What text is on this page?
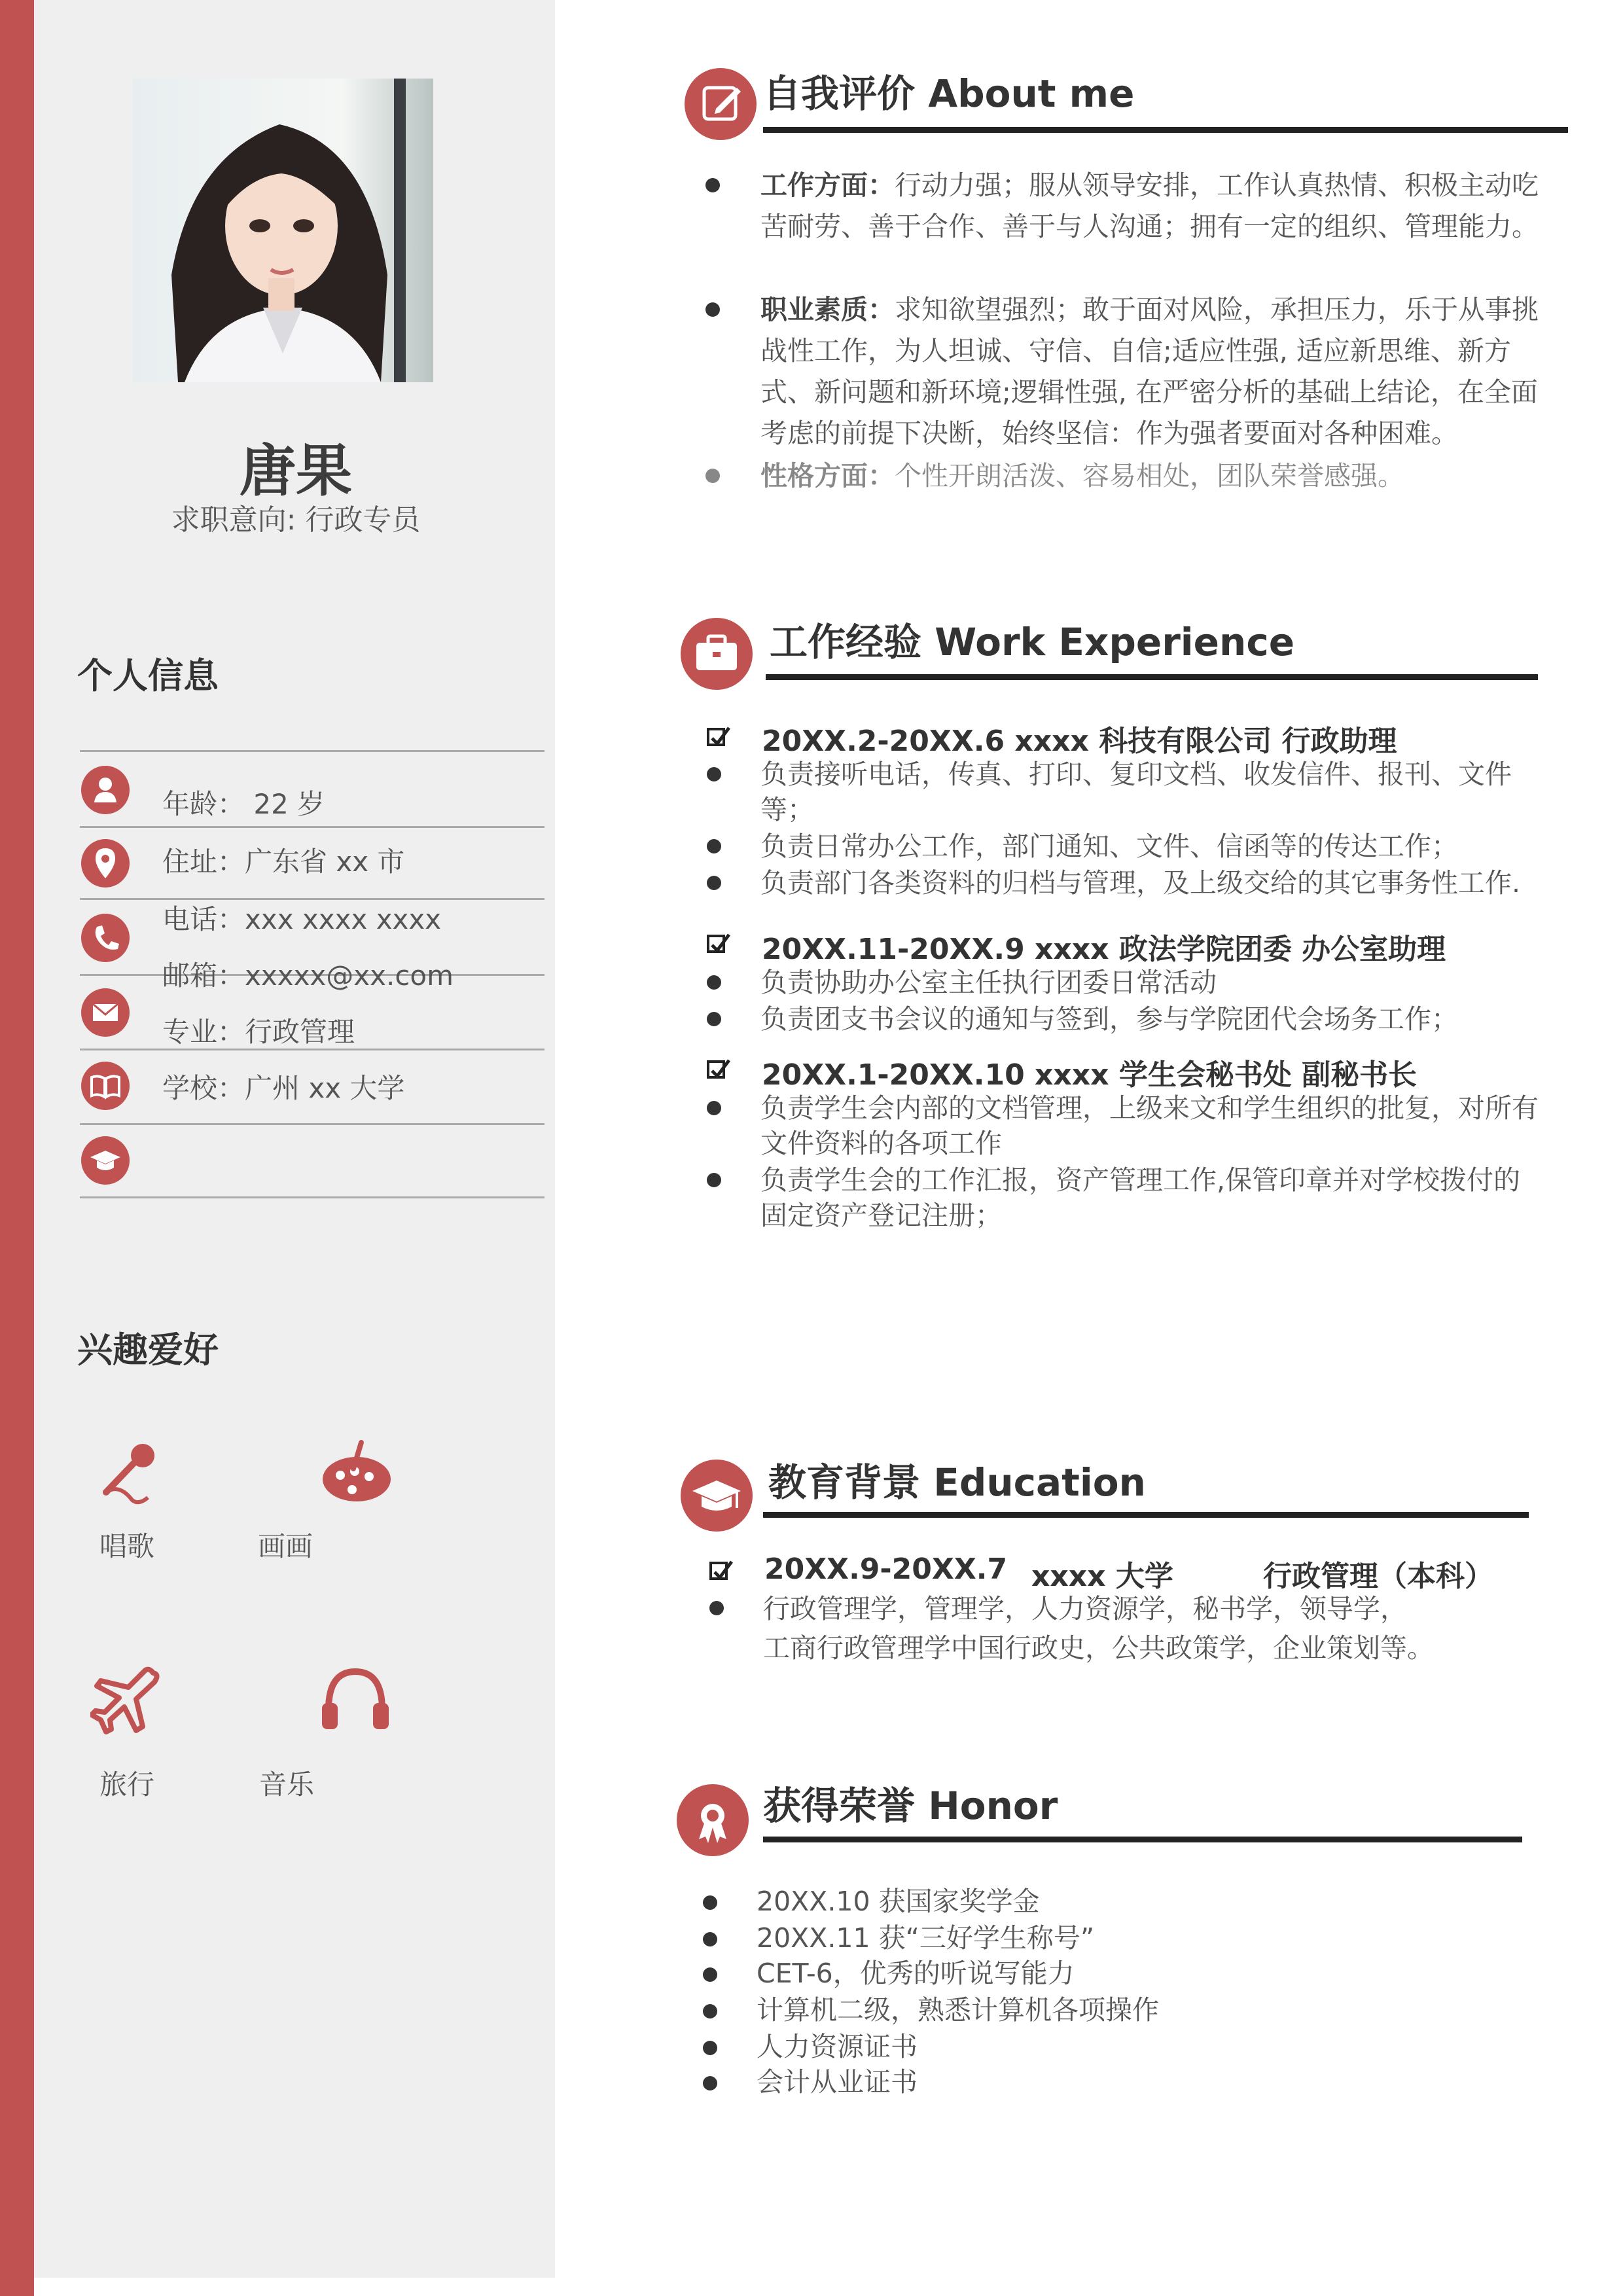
唐果
求职意向: 行政专员
个人信息
年龄： 22 岁
住址：广东省 xx 市
电话：xxx xxxx xxxx
邮箱：xxxxx@xx.com
专业：行政管理
学校：广州 xx 大学
兴趣爱好
唱歌	画画
旅行	音乐
自我评价 About me
工作方面：行动力强；服从领导安排，工作认真热情、积极主动吃苦耐劳、善于合作、善于与人沟通；拥有一定的组织、管理能力。
职业素质：求知欲望强烈；敢于面对风险，承担压力，乐于从事挑战性工作，为人坦诚、守信、自信;适应性强, 适应新思维、新方式、新问题和新环境;逻辑性强, 在严密分析的基础上结论，在全面考虑的前提下决断，始终坚信：作为强者要面对各种困难。
性格方面：个性开朗活泼、容易相处，团队荣誉感强。
工作经验 Work Experience
20XX.2-20XX.6 xxxx 科技有限公司 行政助理
负责接听电话，传真、打印、复印文档、收发信件、报刊、文件等；
负责日常办公工作，部门通知、文件、信函等的传达工作；
负责部门各类资料的归档与管理，及上级交给的其它事务性工作.
20XX.11-20XX.9 xxxx 政法学院团委 办公室助理
负责协助办公室主任执行团委日常活动
负责团支书会议的通知与签到，参与学院团代会场务工作；
20XX.1-20XX.10 xxxx 学生会秘书处 副秘书长
负责学生会内部的文档管理，上级来文和学生组织的批复，对所有文件资料的各项工作
负责学生会的工作汇报，资产管理工作,保管印章并对学校拨付的固定资产登记注册；
教育背景 Education
20XX.9-20XX.7 xxxx 大学	行政管理（本科）
行政管理学，管理学，人力资源学，秘书学，领导学，
工商行政管理学中国行政史，公共政策学，企业策划等。
获得荣誉 Honor
20XX.10 获国家奖学金
20XX.11 获“三好学生称号”
CET-6，优秀的听说写能力
计算机二级，熟悉计算机各项操作
人力资源证书
会计从业证书
